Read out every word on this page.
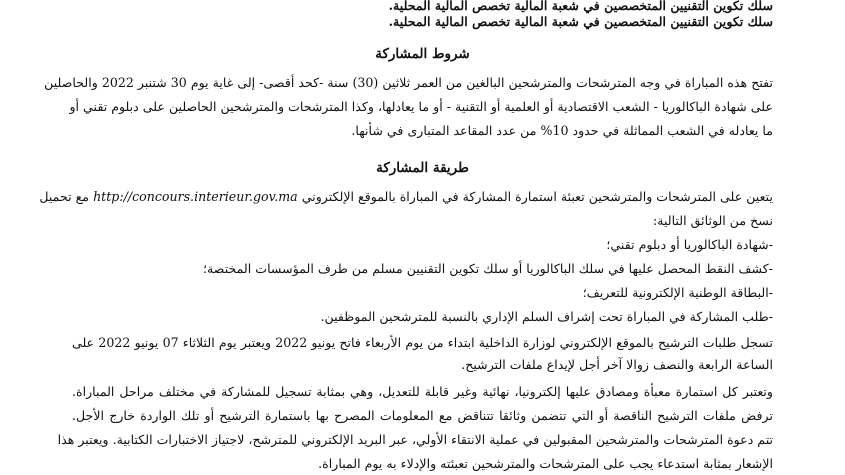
سلك تكوين التقنيين المتخصصين في شعبة المالية تخصص المالية المحلية.
سلك تكوين التقنيين المتخصصين في شعبة المالية تخصص المالية المحلية.
شروط المشاركة
تفتح هذه المباراة في وجه المترشحات والمترشحين البالغين من العمر ثلاثين (30) سنة -كحد أقصى- إلى غاية يوم 30 شتنبر 2022 والحاصلين
على شهادة الباكالوريا - الشعب الاقتصادية أو العلمية أو التقنية - أو ما يعادلها، وكذا المترشحات والمترشحين الحاصلين على دبلوم تقني أو
ما يعادله في الشعب المماثلة في حدود 10% من عدد المقاعد المتبارى في شأنها.
طريقة المشاركة
يتعين على المترشحات والمترشحين تعبئة استمارة المشاركة في المباراة بالموقع الإلكتروني http://concours.interieur.gov.ma مع تحميل
نسخ من الوثائق التالية:
-شهادة الباكالوريا أو دبلوم تقني؛
-كشف النقط المحصل عليها في سلك الباكالوريا أو سلك تكوين التقنيين مسلم من طرف المؤسسات المختصة؛
-البطاقة الوطنية الإلكترونية للتعريف؛
-طلب المشاركة في المباراة تحت إشراف السلم الإداري بالنسبة للمترشحين الموظفين.
تسجل طلبات الترشيح بالموقع الإلكتروني لوزارة الداخلية ابتداء من يوم الأربعاء فاتح يونيو 2022 ويعتبر يوم الثلاثاء 07 يونيو 2022 على
الساعة الرابعة والنصف زوالا آخر أجل لإيداع ملفات الترشيح.
وتعتبر كل استمارة معبأة ومصادق عليها إلكترونيا، نهائية وغير قابلة للتعديل، وهي بمثابة تسجيل للمشاركة في مختلف مراحل المباراة.
ترفض ملفات الترشيح الناقصة أو التي تتضمن وثائقا تتناقض مع المعلومات المصرح بها باستمارة الترشيح أو تلك الواردة خارج الأجل.
تتم دعوة المترشحات والمترشحين المقبولين في عملية الانتقاء الأولي، عبر البريد الإلكتروني للمترشح، لاجتياز الاختبارات الكتابية. ويعتبر هذا
الإشعار بمثابة استدعاء يجب على المترشحات والمترشحين تعبئته والإدلاء به يوم المباراة.
